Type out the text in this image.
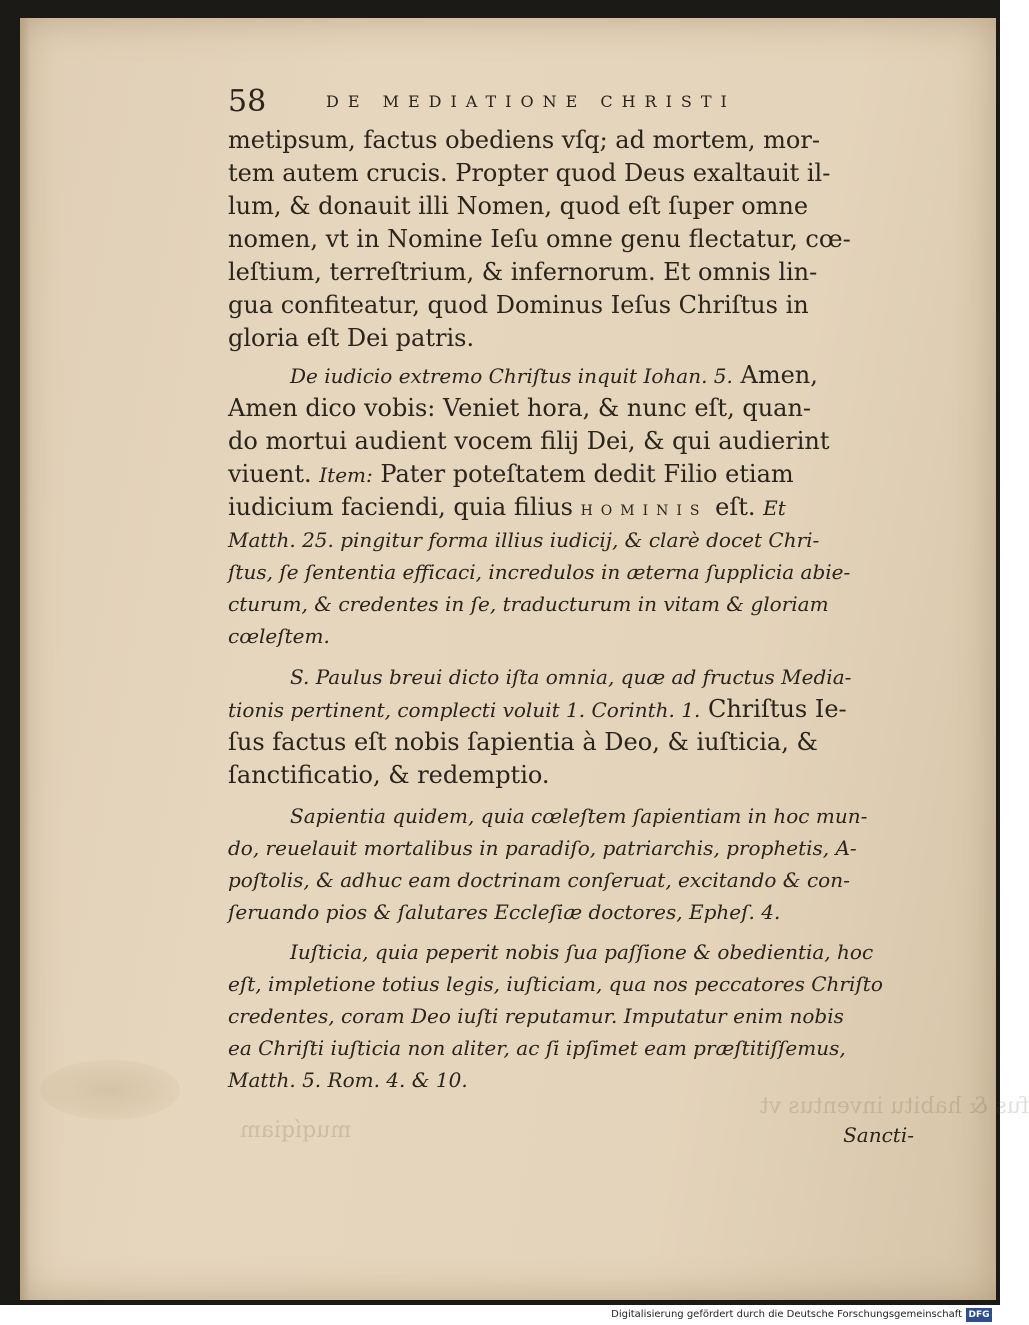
fus & habitu inventus vt
muqíqiam
58	DE MEDIATIONE CHRISTI
metipsum, factus obediens vſq; ad mortem, mor-
tem autem crucis. Propter quod Deus exaltauit il-
lum, & donauit illi Nomen, quod eſt ſuper omne
nomen, vt in Nomine Ieſu omne genu flectatur, cœ-
leſtium, terreſtrium, & infernorum. Et omnis lin-
gua confiteatur, quod Dominus Ieſus Chriſtus in
gloria eſt Dei patris.
De iudicio extremo Chriſtus inquit Iohan. 5. Amen,
Amen dico vobis: Veniet hora, & nunc eſt, quan-
do mortui audient vocem filij Dei, & qui audierint
viuent. Item: Pater poteſtatem dedit Filio etiam
iudicium faciendi, quia filius HOMINIS eſt. Et
Matth. 25. pingitur forma illius iudicij, & clarè docet Chri-
ſtus, ſe ſententia efficaci, incredulos in æterna ſupplicia abie-
cturum, & credentes in ſe, traducturum in vitam & gloriam
cœleſtem.
S. Paulus breui dicto iſta omnia, quæ ad fructus Media-
tionis pertinent, complecti voluit 1. Corinth. 1. Chriſtus Ie-
ſus factus eſt nobis ſapientia à Deo, & iuſticia, &
ſanctificatio, & redemptio.
Sapientia quidem, quia cœleſtem ſapientiam in hoc mun-
do, reuelauit mortalibus in paradiſo, patriarchis, prophetis, A-
poſtolis, & adhuc eam doctrinam conſeruat, excitando & con-
ſeruando pios & ſalutares Eccleſiæ doctores, Epheſ. 4.
Iuſticia, quia peperit nobis ſua paſſione & obedientia, hoc
eſt, impletione totius legis, iuſticiam, qua nos peccatores Chriſto
credentes, coram Deo iuſti reputamur. Imputatur enim nobis
ea Chriſti iuſticia non aliter, ac ſi ipſimet eam præſtitiſſemus,
Matth. 5. Rom. 4. & 10.
Sancti-
Digitalisierung gefördert durch die Deutsche Forschungsgemeinschaft DFG
